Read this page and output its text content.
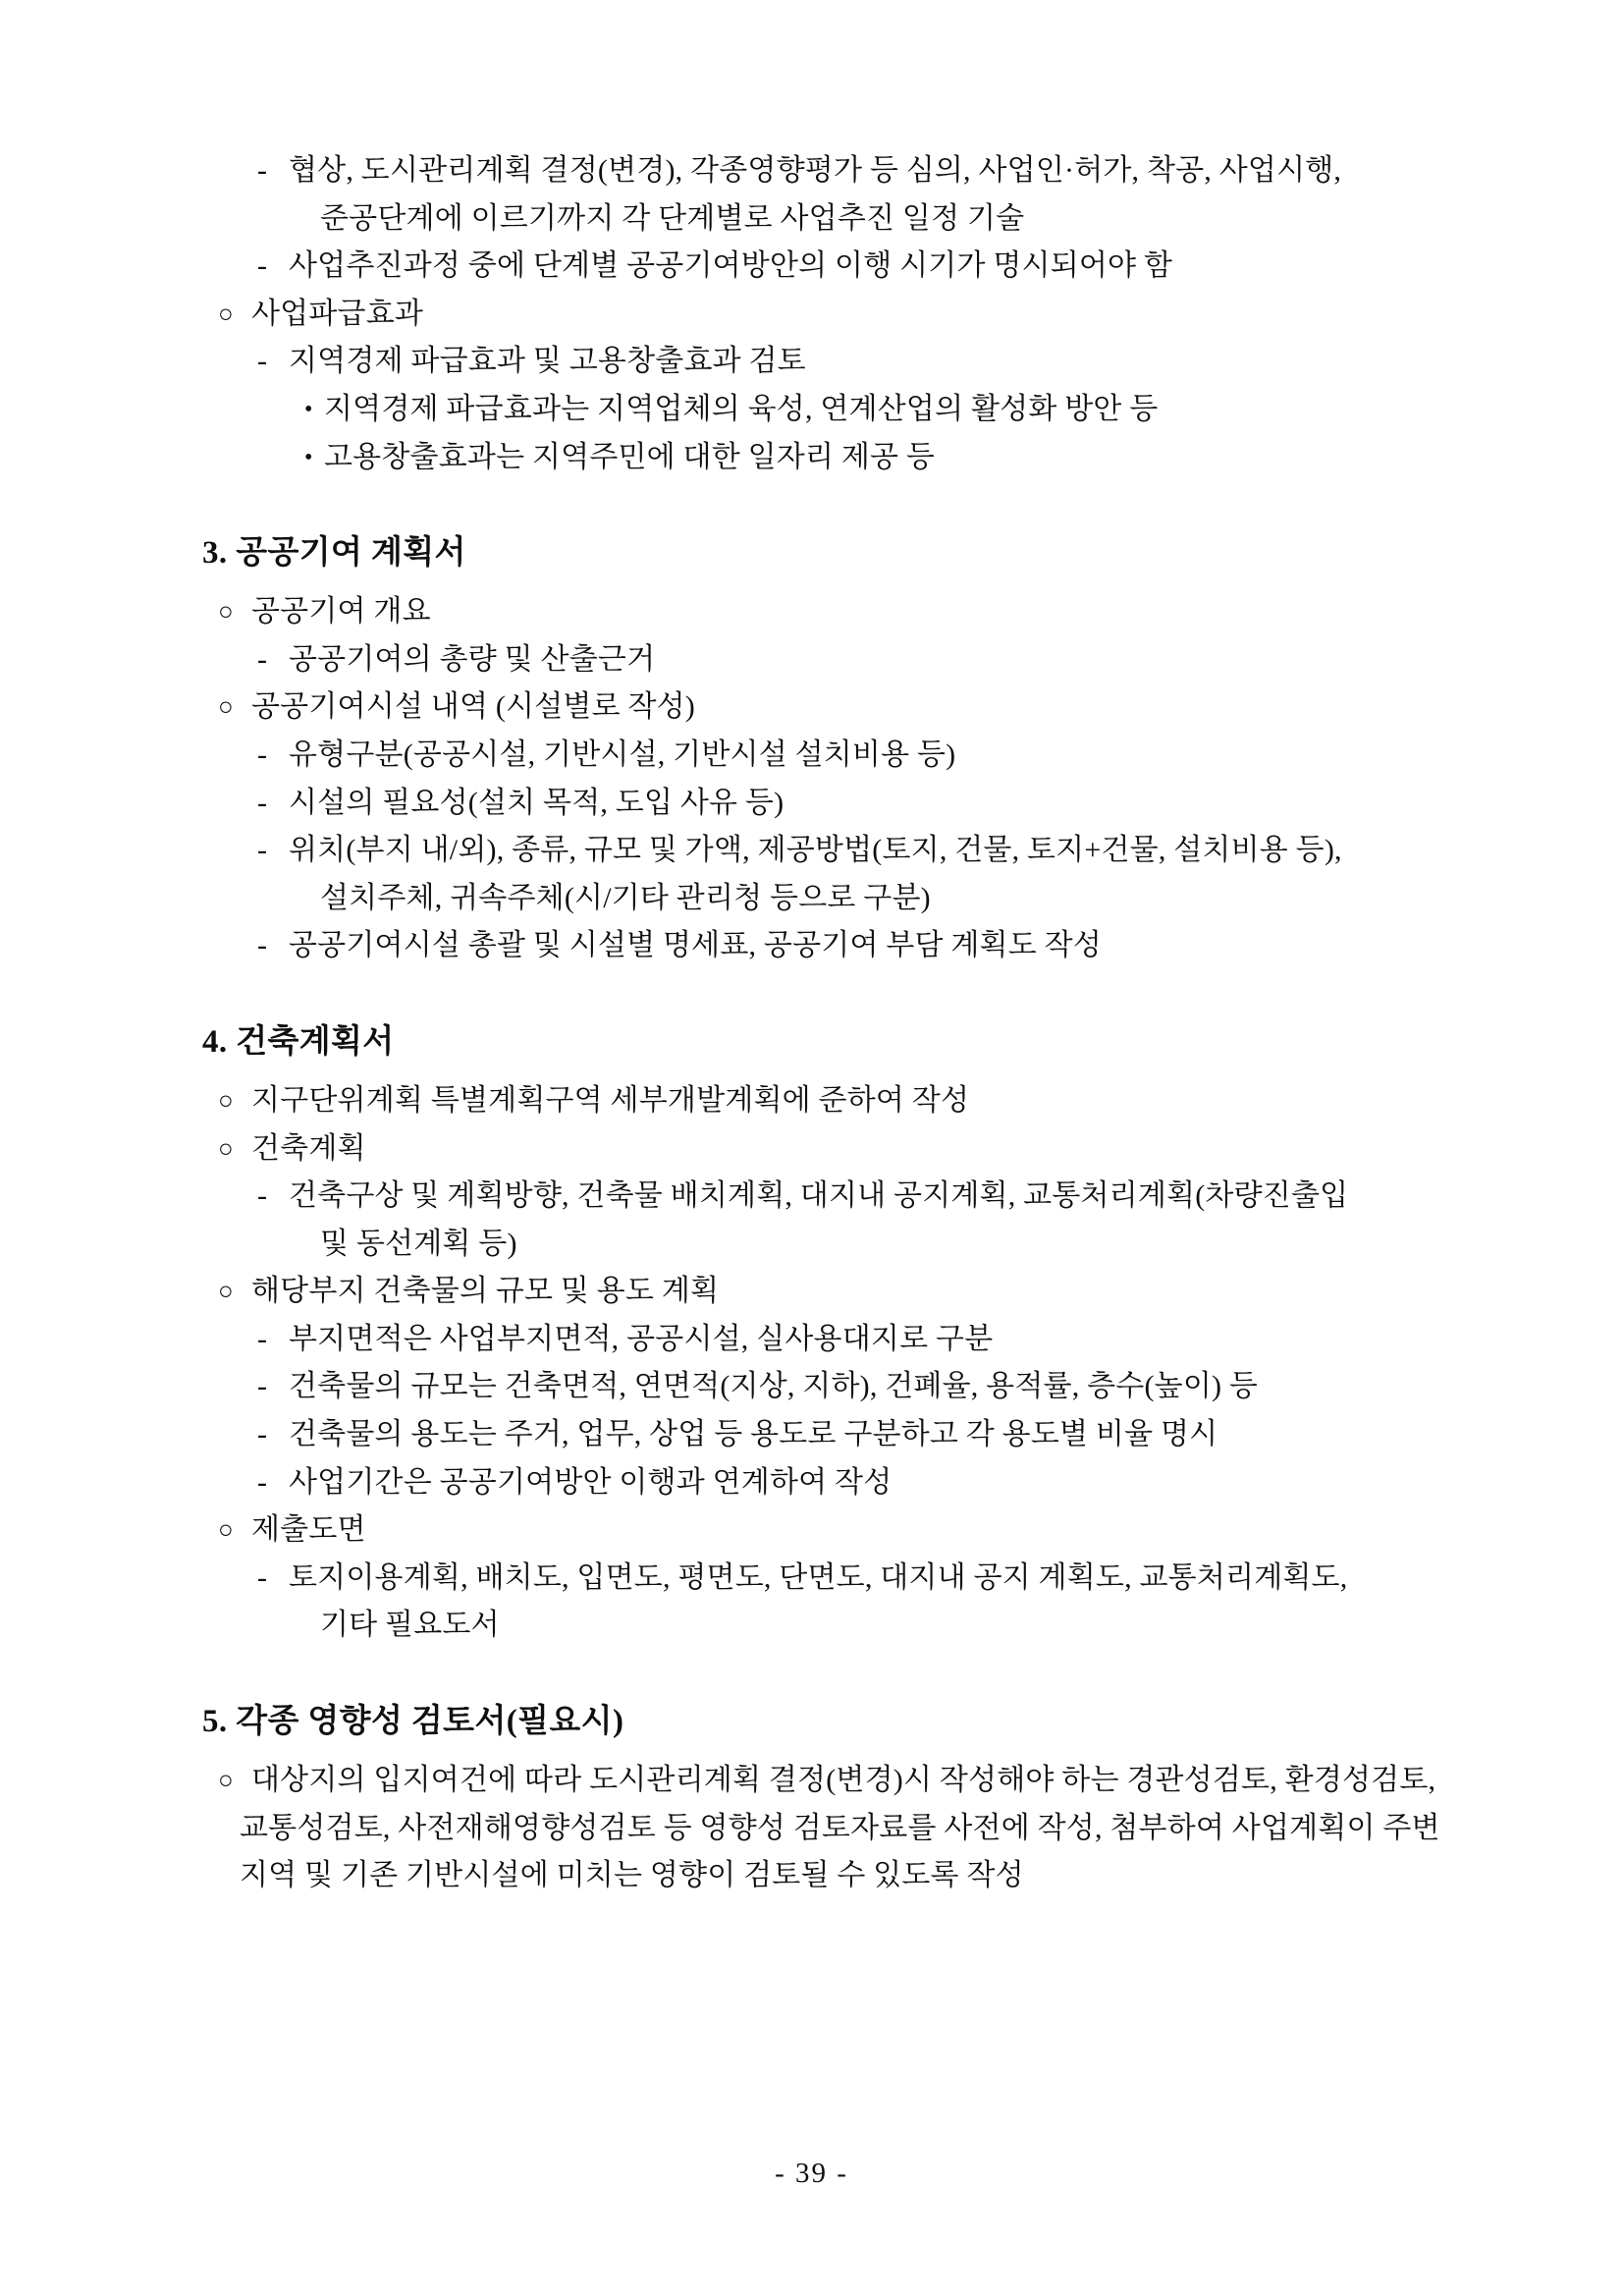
- 협상, 도시관리계획 결정(변경), 각종영향평가 등 심의, 사업인·허가, 착공, 사업시행,
준공단계에 이르기까지 각 단계별로 사업추진 일정 기술
- 사업추진과정 중에 단계별 공공기여방안의 이행 시기가 명시되어야 함
○ 사업파급효과
- 지역경제 파급효과 및 고용창출효과 검토
• 지역경제 파급효과는 지역업체의 육성, 연계산업의 활성화 방안 등
• 고용창출효과는 지역주민에 대한 일자리 제공 등
3. 공공기여 계획서
○ 공공기여 개요
- 공공기여의 총량 및 산출근거
○ 공공기여시설 내역 (시설별로 작성)
- 유형구분(공공시설, 기반시설, 기반시설 설치비용 등)
- 시설의 필요성(설치 목적, 도입 사유 등)
- 위치(부지 내/외), 종류, 규모 및 가액, 제공방법(토지, 건물, 토지+건물, 설치비용 등),
설치주체, 귀속주체(시/기타 관리청 등으로 구분)
- 공공기여시설 총괄 및 시설별 명세표, 공공기여 부담 계획도 작성
4. 건축계획서
○ 지구단위계획 특별계획구역 세부개발계획에 준하여 작성
○ 건축계획
- 건축구상 및 계획방향, 건축물 배치계획, 대지내 공지계획, 교통처리계획(차량진출입
및 동선계획 등)
○ 해당부지 건축물의 규모 및 용도 계획
- 부지면적은 사업부지면적, 공공시설, 실사용대지로 구분
- 건축물의 규모는 건축면적, 연면적(지상, 지하), 건폐율, 용적률, 층수(높이) 등
- 건축물의 용도는 주거, 업무, 상업 등 용도로 구분하고 각 용도별 비율 명시
- 사업기간은 공공기여방안 이행과 연계하여 작성
○ 제출도면
- 토지이용계획, 배치도, 입면도, 평면도, 단면도, 대지내 공지 계획도, 교통처리계획도,
기타 필요도서
5. 각종 영향성 검토서(필요시)
○ 대상지의 입지여건에 따라 도시관리계획 결정(변경)시 작성해야 하는 경관성검토, 환경성검토, 교통성검토, 사전재해영향성검토 등 영향성 검토자료를 사전에 작성, 첨부하여 사업계획이 주변 지역 및 기존 기반시설에 미치는 영향이 검토될 수 있도록 작성
- 39 -
